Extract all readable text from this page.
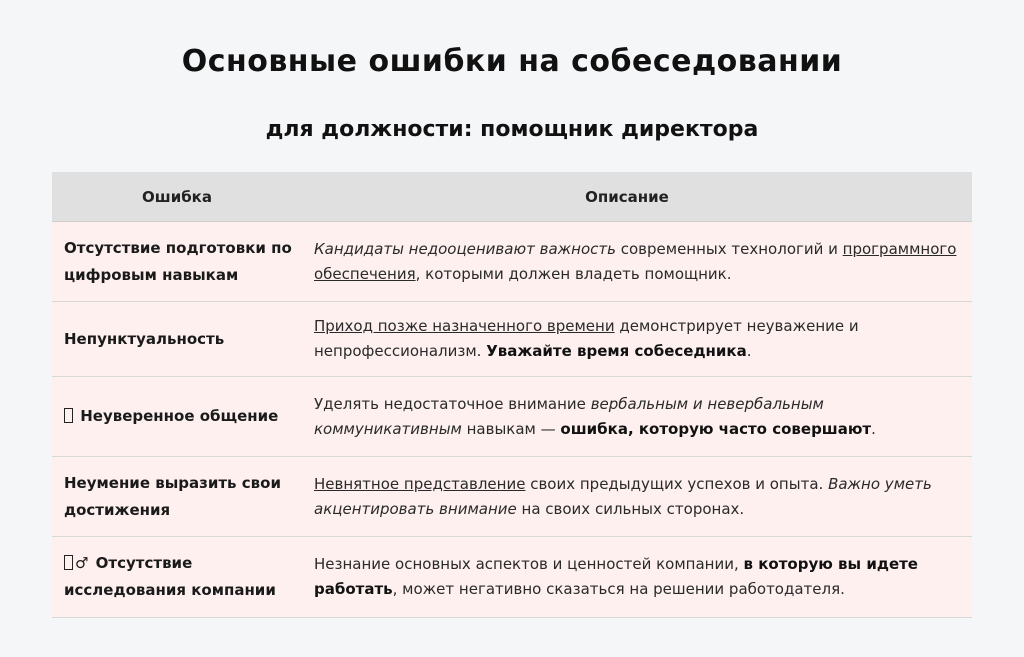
Основные ошибки на собеседовании
для должности: помощник директора
Ошибка	Описание
Отсутствие подготовки по цифровым навыкам
Кандидаты недооценивают важность современных технологий и программного обеспечения, которыми должен владеть помощник.
Непунктуальность
Приход позже назначенного времени демонстрирует неуважение и непрофессионализм. Уважайте время собеседника.
Неуверенное общение
Уделять недостаточное внимание вербальным и невербальным коммуникативным навыкам — ошибка, которую часто совершают.
Неумение выразить свои достижения
Невнятное представление своих предыдущих успехов и опыта. Важно уметь акцентировать внимание на своих сильных сторонах.
♂ Отсутствие исследования компании
Незнание основных аспектов и ценностей компании, в которую вы идете работать, может негативно сказаться на решении работодателя.
